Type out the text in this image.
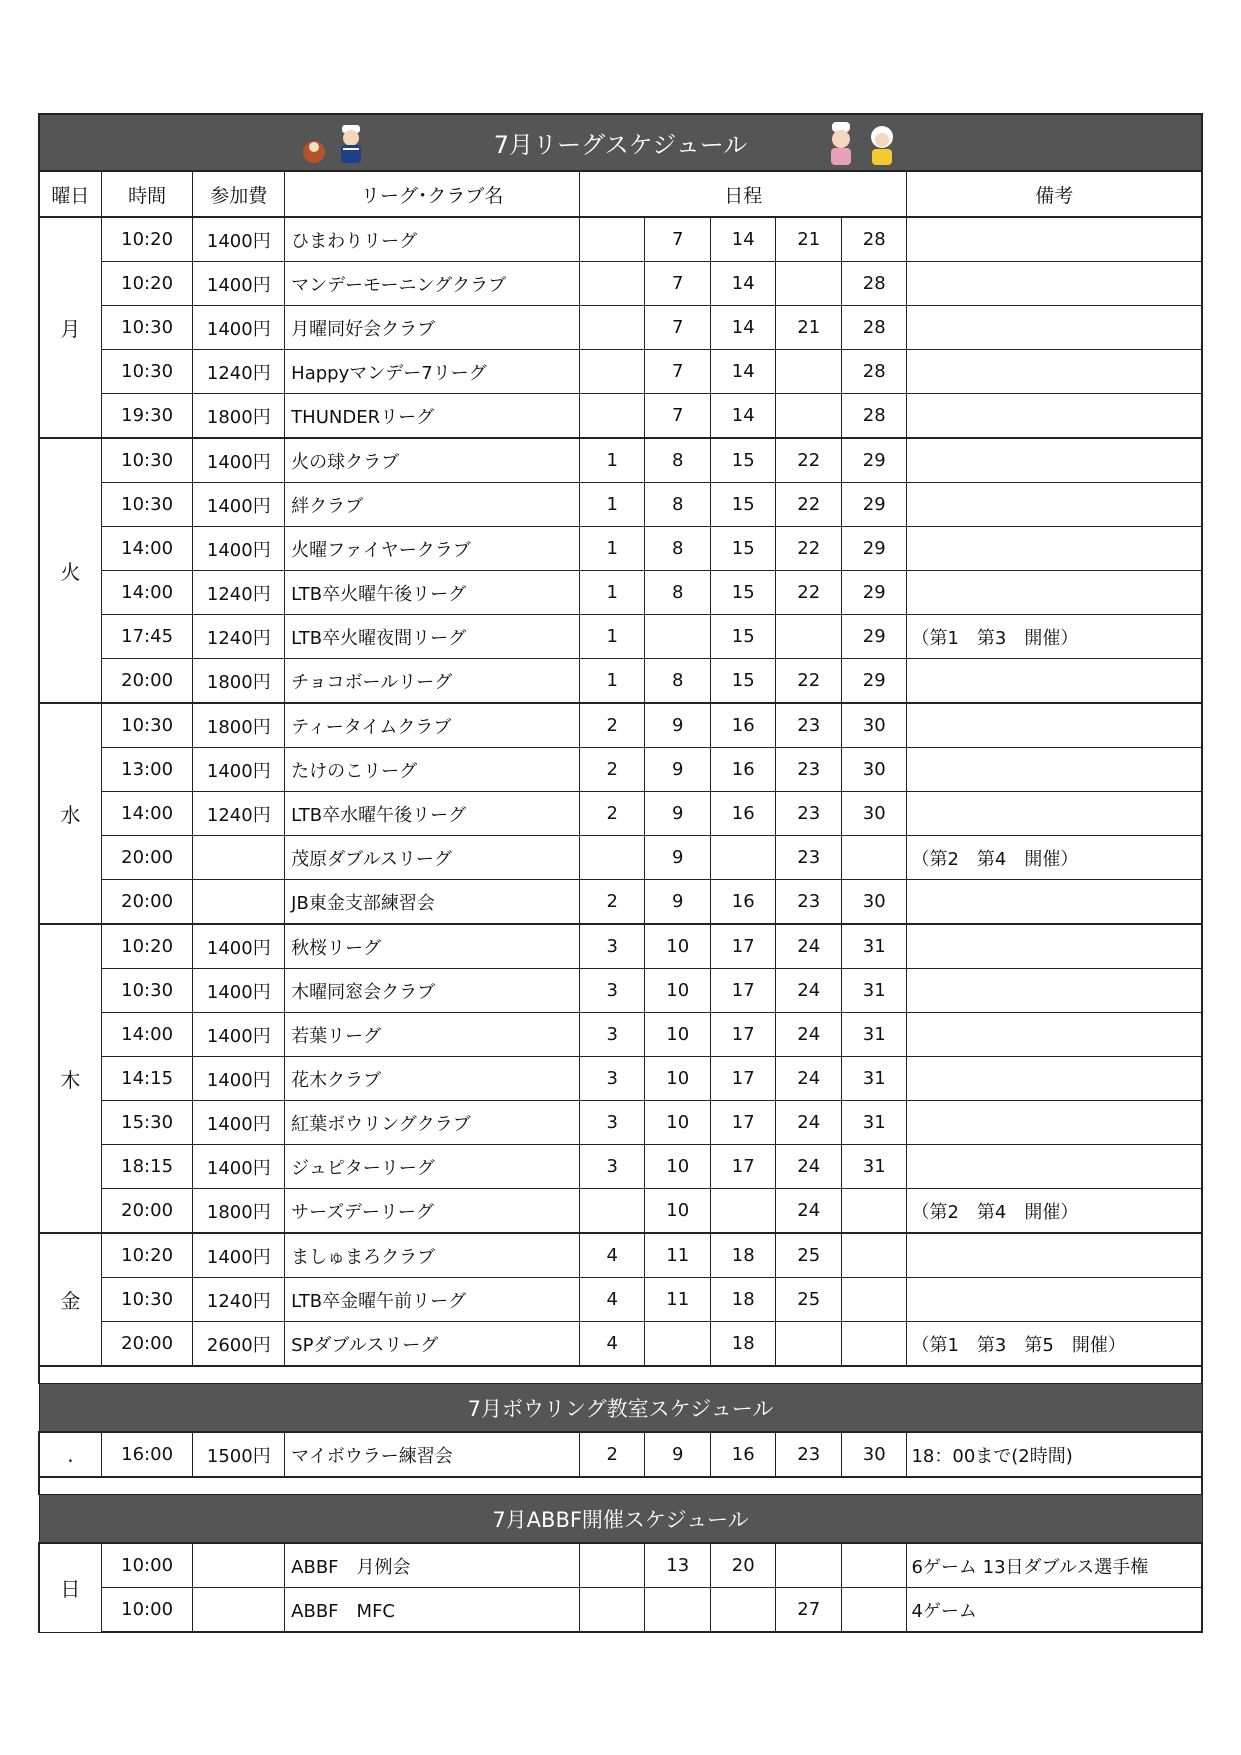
7月リーグスケジュール									

曜日	時間	参加費	リーグ･クラブ名	日程					備考
月	10:20	1400円	ひまわりリーグ		7	14	21	28	
	10:20	1400円	マンデーモーニングクラブ		7	14		28	
	10:30	1400円	月曜同好会クラブ		7	14	21	28	
	10:30	1240円	Happyマンデー7リーグ		7	14		28	
	19:30	1800円	THUNDERリーグ		7	14		28	
火	10:30	1400円	火の球クラブ	1	8	15	22	29	
	10:30	1400円	絆クラブ	1	8	15	22	29	
	14:00	1400円	火曜ファイヤークラブ	1	8	15	22	29	
	14:00	1240円	LTB卒火曜午後リーグ	1	8	15	22	29	
	17:45	1240円	LTB卒火曜夜間リーグ	1		15		29	（第1　第3　開催）
	20:00	1800円	チョコボールリーグ	1	8	15	22	29	
水	10:30	1800円	ティータイムクラブ	2	9	16	23	30	
	13:00	1400円	たけのこリーグ	2	9	16	23	30	
	14:00	1240円	LTB卒水曜午後リーグ	2	9	16	23	30	
	20:00		茂原ダブルスリーグ		9		23		（第2　第4　開催）
	20:00		JB東金支部練習会	2	9	16	23	30	
木	10:20	1400円	秋桜リーグ	3	10	17	24	31	
	10:30	1400円	木曜同窓会クラブ	3	10	17	24	31	
	14:00	1400円	若葉リーグ	3	10	17	24	31	
	14:15	1400円	花木クラブ	3	10	17	24	31	
	15:30	1400円	紅葉ボウリングクラブ	3	10	17	24	31	
	18:15	1400円	ジュピターリーグ	3	10	17	24	31	
	20:00	1800円	サーズデーリーグ		10		24		（第2　第4　開催）
金	10:20	1400円	ましゅまろクラブ	4	11	18	25		
	10:30	1240円	LTB卒金曜午前リーグ	4	11	18	25		
	20:00	2600円	SPダブルスリーグ	4		18			（第1　第3　第5　開催）

7月ボウリング教室スケジュール									
.	16:00	1500円	マイボウラー練習会	2	9	16	23	30	18：00まで(2時間)

7月ABBF開催スケジュール									
日	10:00		ABBF　月例会		13	20			6ゲーム 13日ダブルス選手権
	10:00		ABBF　MFC				27		4ゲーム
